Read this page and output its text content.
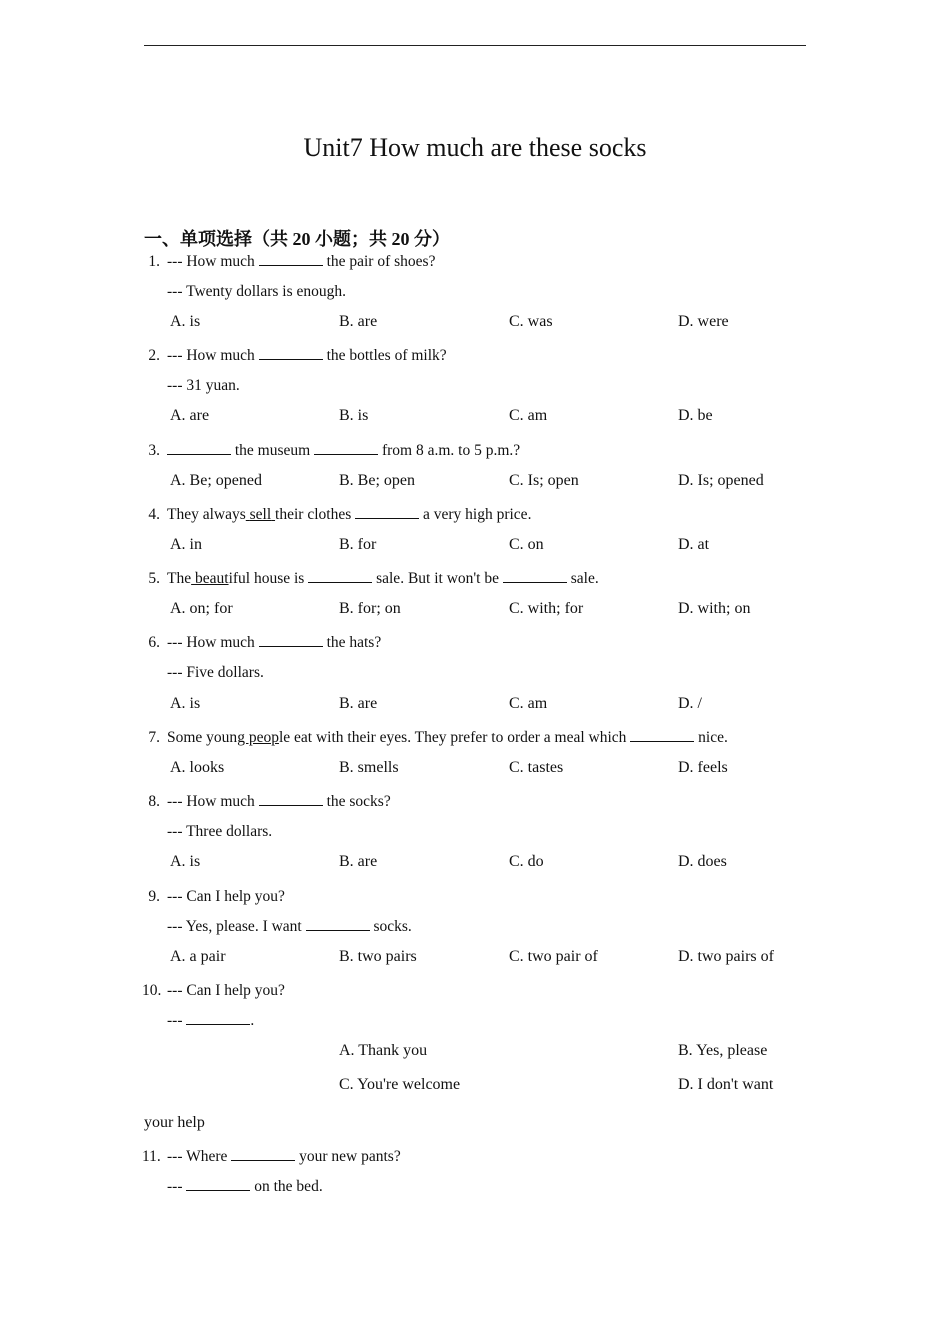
Unit7 How much are these socks
一、单项选择（共 20 小题；共 20 分）
1. --- How much	the pair of shoes?
--- Twenty dollars is enough.
A. is	B. are	C. was	D. were
2. --- How much	the bottles of milk?
--- 31 yuan.
A. are	B. is	C. am	D. be
3.	the museum	from 8 a.m. to 5 p.m.?
A. Be; opened	B. Be; open	C. Is; open	D. Is; opened
4. They always sell their clothes	a very high price.
A. in	B. for	C. on	D. at
5. The beautiful house is	sale. But it won't be	sale.
A. on; for	B. for; on	C. with; for	D. with; on
6. --- How much	the hats?
--- Five dollars.
A. is	B. are	C. am	D. /
7. Some young people eat with their eyes. They prefer to order a meal which	nice.
A. looks	B. smells	C. tastes	D. feels
8. --- How much	the socks?
--- Three dollars.
A. is	B. are	C. do	D. does
9. --- Can I help you?
--- Yes, please. I want	socks.
A. a pair	B. two pairs	C. two pair of	D. two pairs of
10. --- Can I help you?
---	.
A. Thank you	B. Yes, please
C. You're welcome	D. I don't want
your help
11. --- Where	your new pants?
---	on the bed.
